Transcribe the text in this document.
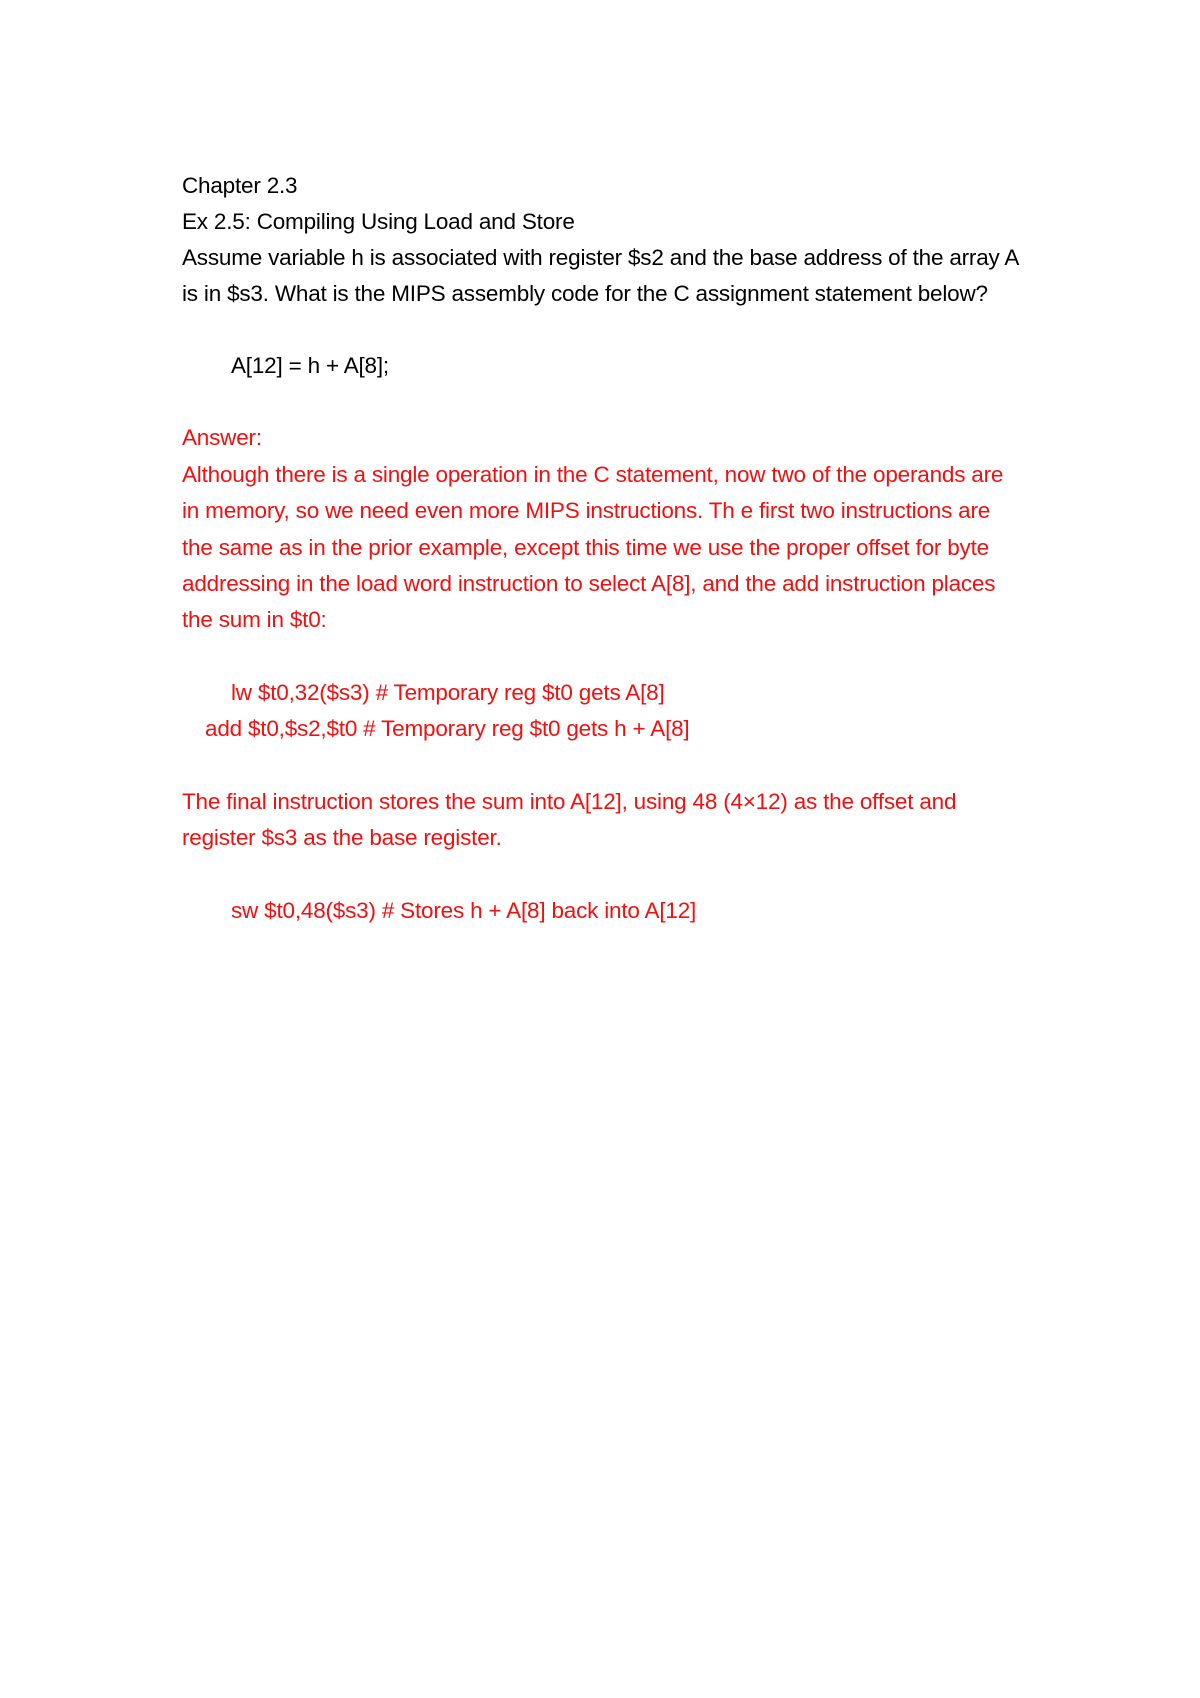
Chapter 2.3
Ex 2.5: Compiling Using Load and Store
Assume variable h is associated with register $s2 and the base address of the array A
is in $s3. What is the MIPS assembly code for the C assignment statement below?
A[12] = h + A[8];
Answer:
Although there is a single operation in the C statement, now two of the operands are
in memory, so we need even more MIPS instructions. Th e first two instructions are
the same as in the prior example, except this time we use the proper offset for byte
addressing in the load word instruction to select A[8], and the add instruction places
the sum in $t0:
lw $t0,32($s3) # Temporary reg $t0 gets A[8]
add $t0,$s2,$t0 # Temporary reg $t0 gets h + A[8]
The final instruction stores the sum into A[12], using 48 (4×12) as the offset and
register $s3 as the base register.
sw $t0,48($s3) # Stores h + A[8] back into A[12]
